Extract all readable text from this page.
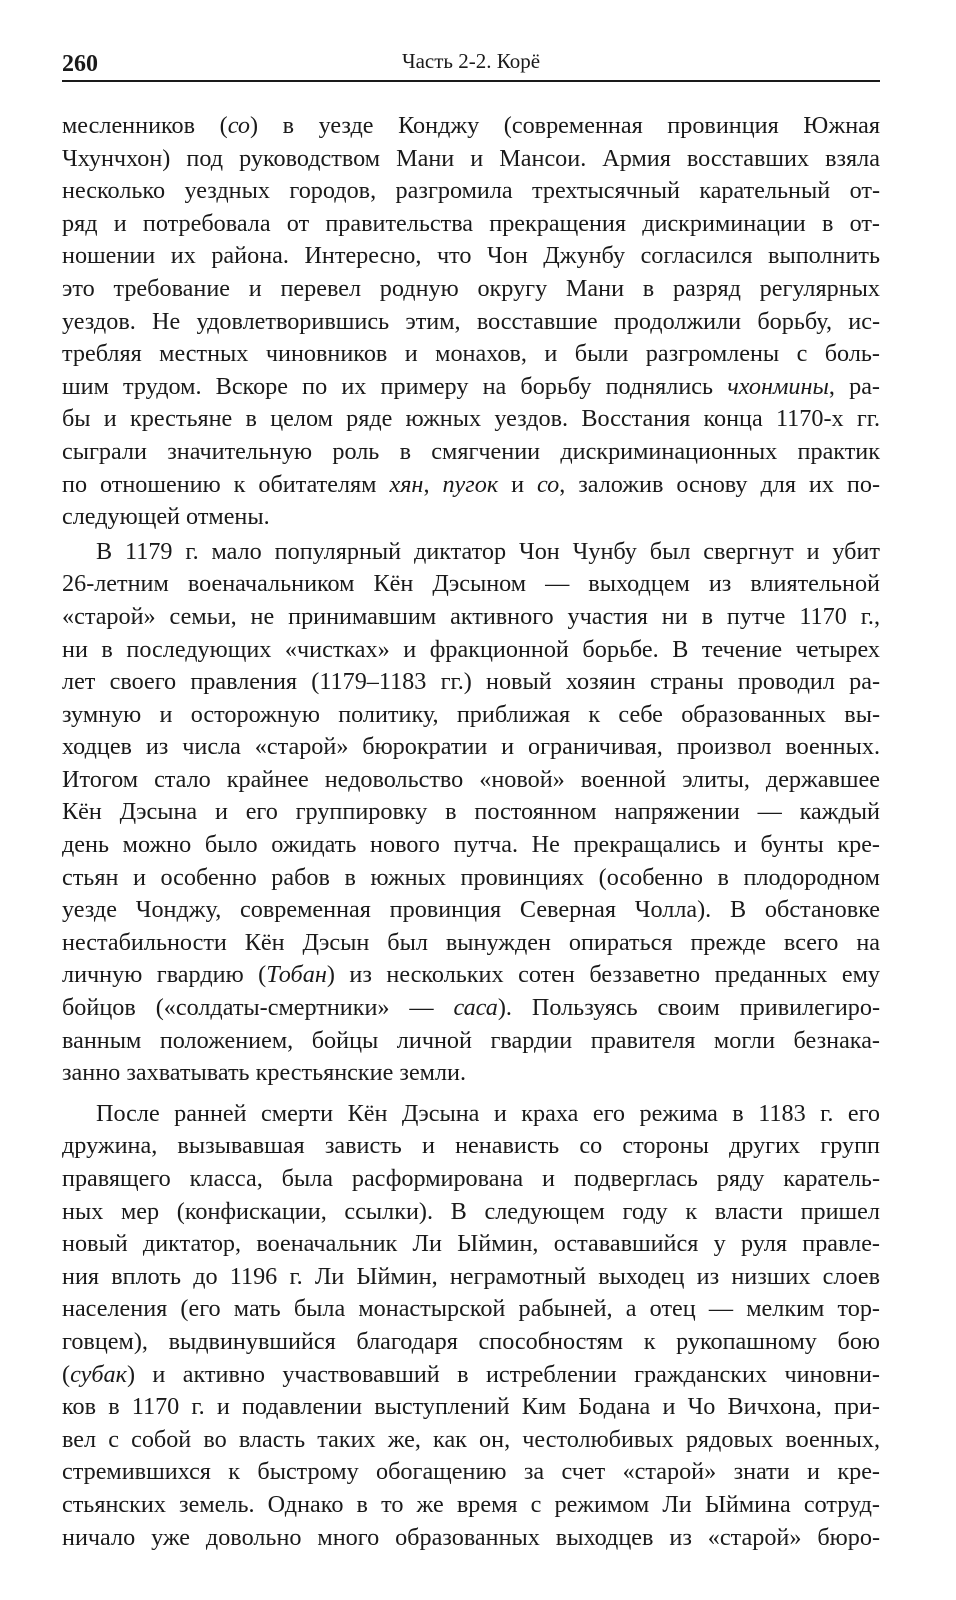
260	Часть 2-2. Корё
месленников (со) в уезде Конджу (современная провинция Южная
Чхунчхон) под руководством Мани и Мансои. Армия восставших взяла
несколько уездных городов, разгромила трехтысячный карательный от-
ряд и потребовала от правительства прекращения дискриминации в от-
ношении их района. Интересно, что Чон Джунбу согласился выполнить
это требование и перевел родную округу Мани в разряд регулярных
уездов. Не удовлетворившись этим, восставшие продолжили борьбу, ис-
требляя местных чиновников и монахов, и были разгромлены с боль-
шим трудом. Вскоре по их примеру на борьбу поднялись чхонмины, ра-
бы и крестьяне в целом ряде южных уездов. Восстания конца 1170-х гг.
сыграли значительную роль в смягчении дискриминационных практик
по отношению к обитателям хян, пугок и со, заложив основу для их по-
следующей отмены.
В 1179 г. мало популярный диктатор Чон Чунбу был свергнут и убит
26-летним военачальником Кён Дэсыном — выходцем из влиятельной
«старой» семьи, не принимавшим активного участия ни в путче 1170 г.,
ни в последующих «чистках» и фракционной борьбе. В течение четырех
лет своего правления (1179–1183 гг.) новый хозяин страны проводил ра-
зумную и осторожную политику, приближая к себе образованных вы-
ходцев из числа «старой» бюрократии и ограничивая, произвол военных.
Итогом стало крайнее недовольство «новой» военной элиты, державшее
Кён Дэсына и его группировку в постоянном напряжении — каждый
день можно было ожидать нового путча. Не прекращались и бунты кре-
стьян и особенно рабов в южных провинциях (особенно в плодородном
уезде Чонджу, современная провинция Северная Чолла). В обстановке
нестабильности Кён Дэсын был вынужден опираться прежде всего на
личную гвардию (Тобан) из нескольких сотен беззаветно преданных ему
бойцов («солдаты-смертники» — саса). Пользуясь своим привилегиро-
ванным положением, бойцы личной гвардии правителя могли безнака-
занно захватывать крестьянские земли.
После ранней смерти Кён Дэсына и краха его режима в 1183 г. его
дружина, вызывавшая зависть и ненависть со стороны других групп
правящего класса, была расформирована и подверглась ряду каратель-
ных мер (конфискации, ссылки). В следующем году к власти пришел
новый диктатор, военачальник Ли Ыймин, остававшийся у руля правле-
ния вплоть до 1196 г. Ли Ыймин, неграмотный выходец из низших слоев
населения (его мать была монастырской рабыней, а отец — мелким тор-
говцем), выдвинувшийся благодаря способностям к рукопашному бою
(субак) и активно участвовавший в истреблении гражданских чиновни-
ков в 1170 г. и подавлении выступлений Ким Бодана и Чо Вичхона, при-
вел с собой во власть таких же, как он, честолюбивых рядовых военных,
стремившихся к быстрому обогащению за счет «старой» знати и кре-
стьянских земель. Однако в то же время с режимом Ли Ыймина сотруд-
ничало уже довольно много образованных выходцев из «старой» бюро-
